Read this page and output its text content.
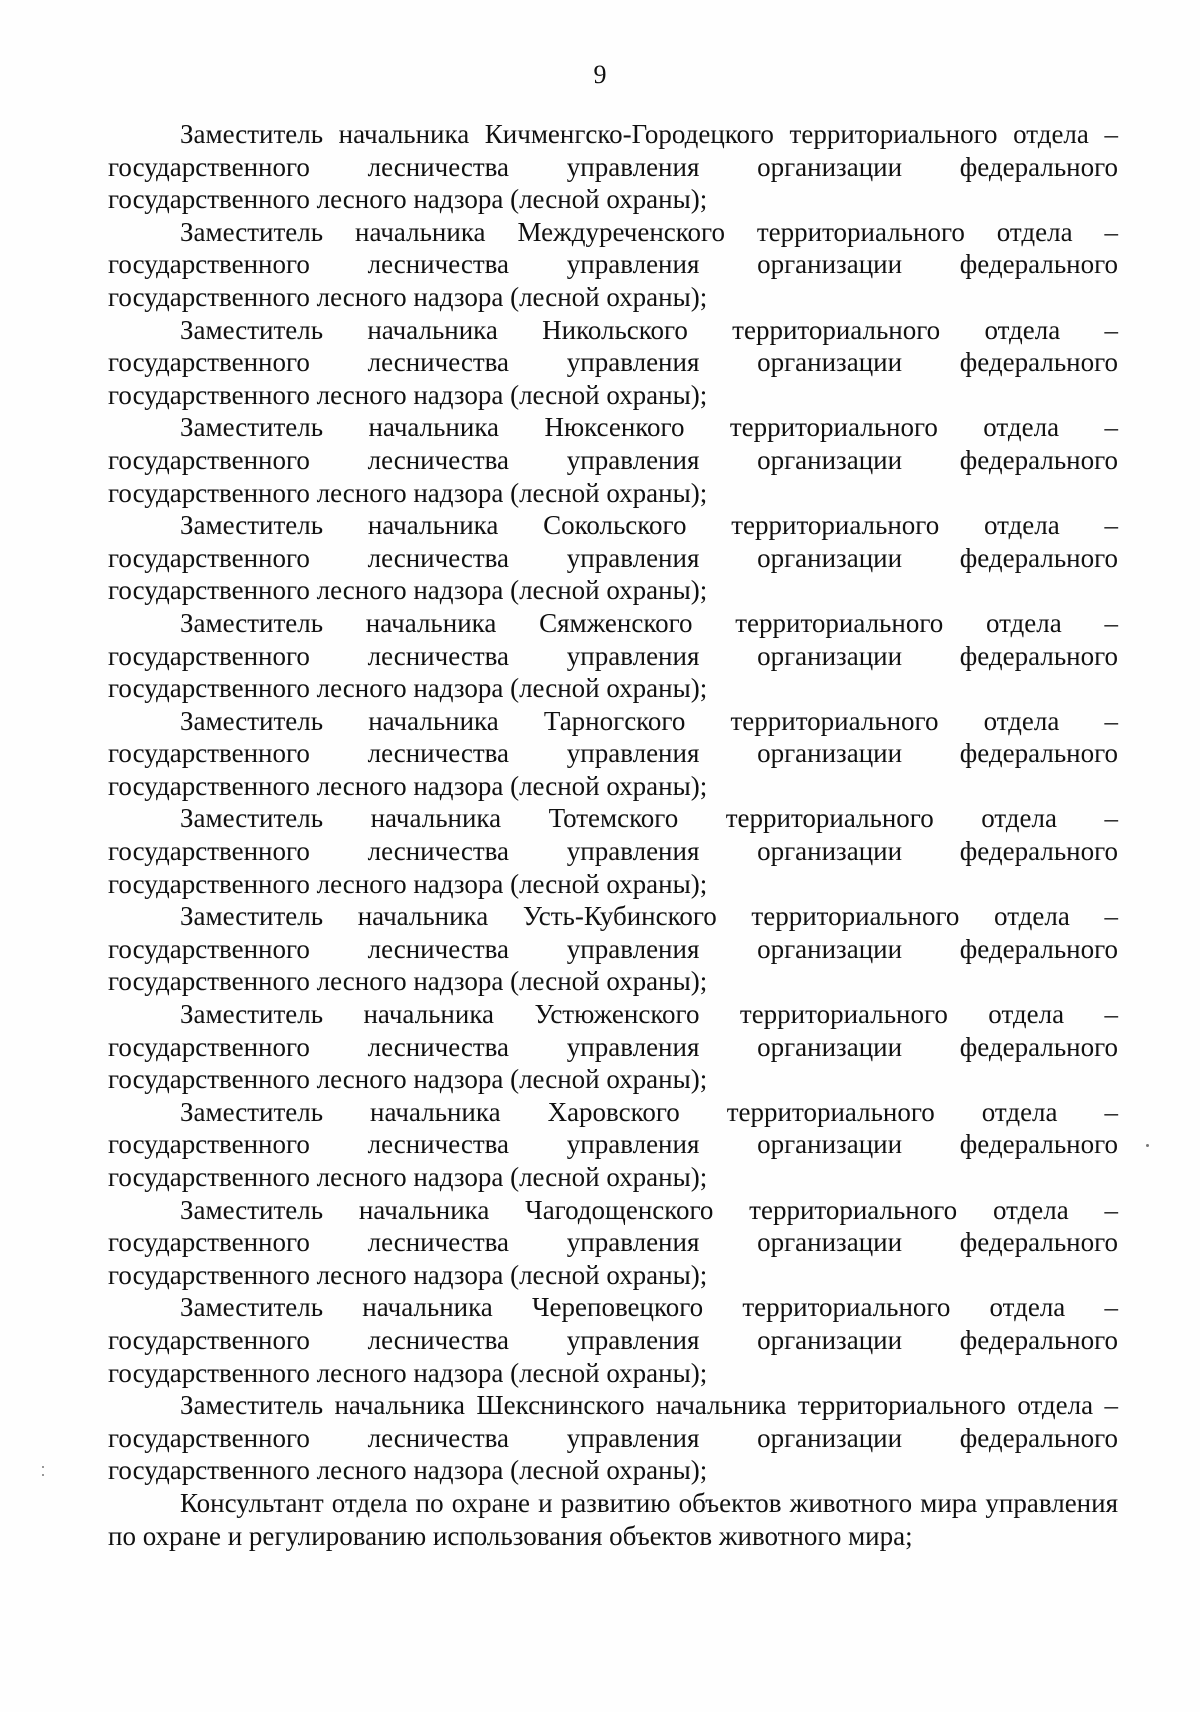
9

Заместитель начальника Кичменгско-Городецкого территориального отдела – государственного лесничества управления организации федерального государственного лесного надзора (лесной охраны);

Заместитель начальника Междуреченского территориального отдела – государственного лесничества управления организации федерального государственного лесного надзора (лесной охраны);

Заместитель начальника Никольского территориального отдела – государственного лесничества управления организации федерального государственного лесного надзора (лесной охраны);

Заместитель начальника Нюксенкого территориального отдела – государственного лесничества управления организации федерального государственного лесного надзора (лесной охраны);

Заместитель начальника Сокольского территориального отдела – государственного лесничества управления организации федерального государственного лесного надзора (лесной охраны);

Заместитель начальника Сямженского территориального отдела – государственного лесничества управления организации федерального государственного лесного надзора (лесной охраны);

Заместитель начальника Тарногского территориального отдела – государственного лесничества управления организации федерального государственного лесного надзора (лесной охраны);

Заместитель начальника Тотемского территориального отдела – государственного лесничества управления организации федерального государственного лесного надзора (лесной охраны);

Заместитель начальника Усть-Кубинского территориального отдела – государственного лесничества управления организации федерального государственного лесного надзора (лесной охраны);

Заместитель начальника Устюженского территориального отдела – государственного лесничества управления организации федерального государственного лесного надзора (лесной охраны);

Заместитель начальника Харовского территориального отдела – государственного лесничества управления организации федерального государственного лесного надзора (лесной охраны);

Заместитель начальника Чагодощенского территориального отдела – государственного лесничества управления организации федерального государственного лесного надзора (лесной охраны);

Заместитель начальника Череповецкого территориального отдела – государственного лесничества управления организации федерального государственного лесного надзора (лесной охраны);

Заместитель начальника Шекснинского начальника территориального отдела – государственного лесничества управления организации федерального государственного лесного надзора (лесной охраны);

Консультант отдела по охране и развитию объектов животного мира управления по охране и регулированию использования объектов животного мира;
